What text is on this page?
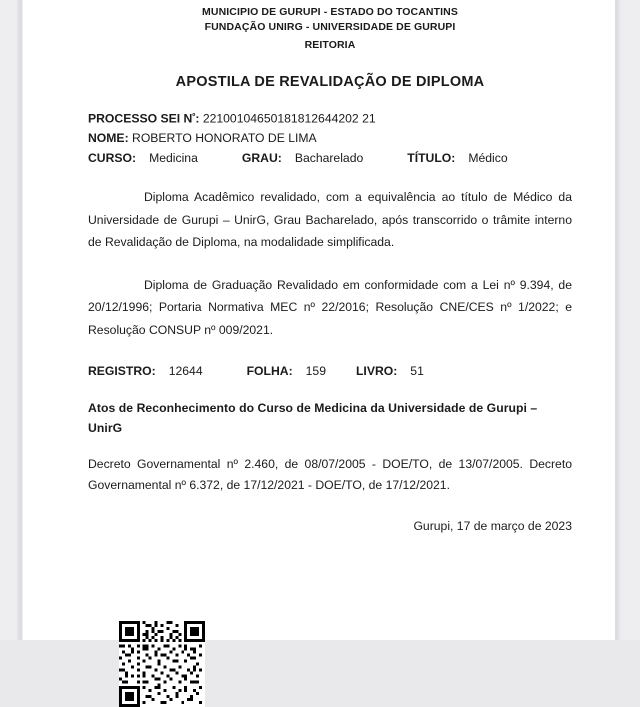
MUNICIPIO DE GURUPI - ESTADO DO TOCANTINS
FUNDAÇÃO UNIRG - UNIVERSIDADE DE GURUPI
REITORIA
APOSTILA DE REVALIDAÇÃO DE DIPLOMA
PROCESSO SEI $N^º$: 22100104650181812644202 21
NOME: ROBERTO HONORATO DE LIMA
CURSO: Medicina	GRAU: Bacharelado	TÍTULO: Médico

Diploma Acadêmico revalidado, com a equivalência ao título de Médico da Universidade de Gurupi – UnirG, Grau Bacharelado, após transcorrido o trâmite interno de Revalidação de Diploma, na modalidade simplificada.

Diploma de Graduação Revalidado em conformidade com a Lei nº 9.394, de 20/12/1996; Portaria Normativa MEC nº 22/2016; Resolução CNE/CES nº 1/2022; e Resolução CONSUP nº 009/2021.

REGISTRO: 12644	FOLHA: 159 LIVRO: 51
Atos de Reconhecimento do Curso de Medicina da Universidade de Gurupi – UnirG

Decreto Governamental nº 2.460, de 08/07/2005 - DOE/TO, de 13/07/2005. Decreto Governamental nº 6.372, de 17/12/2021 - DOE/TO, de 17/12/2021.

Gurupi, 17 de março de 2023
